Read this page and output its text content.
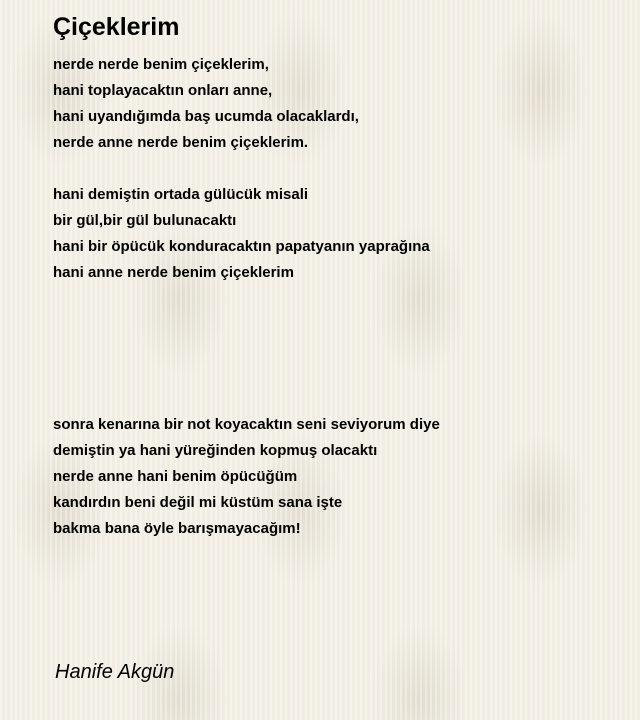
Çiçeklerim
nerde nerde benim çiçeklerim,
hani toplayacaktın onları anne,
hani uyandığımda baş ucumda olacaklardı,
nerde anne nerde benim çiçeklerim.
hani demiştin ortada gülücük misali
bir gül,bir gül bulunacaktı
hani bir öpücük konduracaktın papatyanın yaprağına
hani anne nerde benim çiçeklerim
sonra kenarına bir not koyacaktın seni seviyorum diye
demiştin ya hani yüreğinden kopmuş olacaktı
nerde anne hani benim öpücüğüm
kandırdın beni değil mi küstüm sana işte
bakma bana öyle barışmayacağım!

Hanife Akgün
